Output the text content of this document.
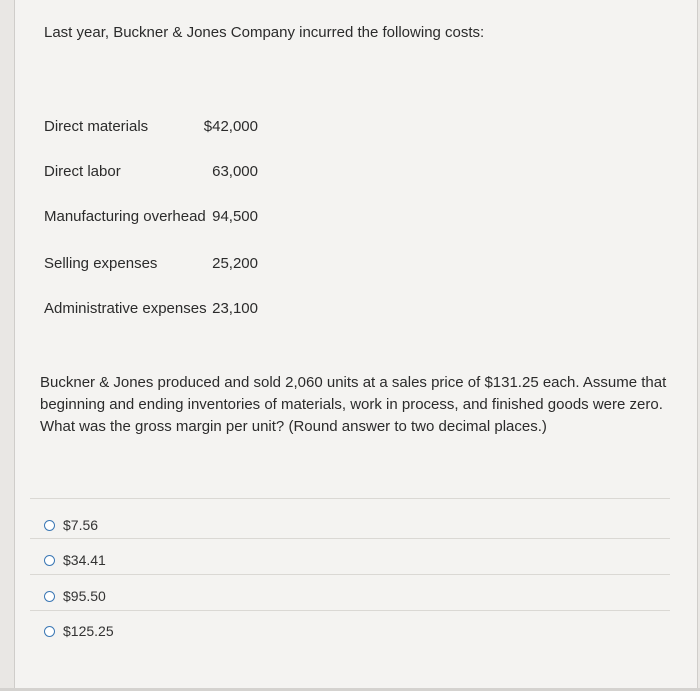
Last year, Buckner & Jones Company incurred the following costs:

Direct materials	$42,000
Direct labor	63,000
Manufacturing overhead 94,500
Selling expenses	25,200
Administrative expenses 23,100

Buckner & Jones produced and sold 2,060 units at a sales price of $131.25 each. Assume that beginning and ending inventories of materials, work in process, and finished goods were zero. What was the gross margin per unit? (Round answer to two decimal places.)

$7.56
$34.41
$95.50
$125.25
